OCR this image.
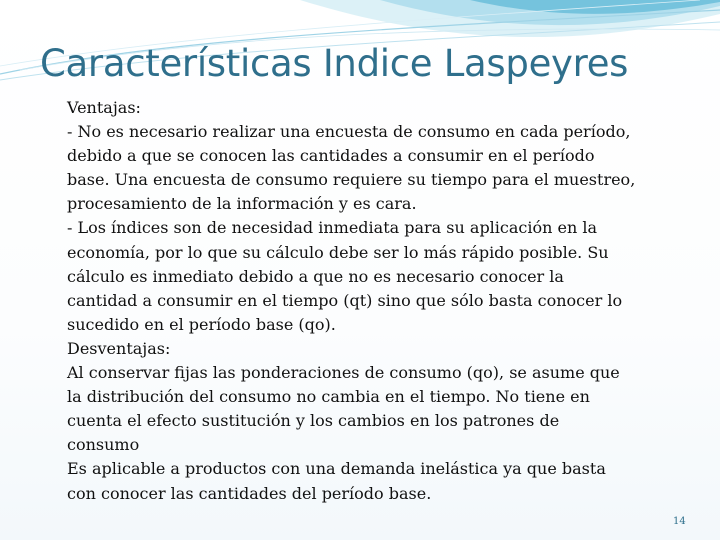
Características Indice Laspeyres
Ventajas:
- No es necesario realizar una encuesta de consumo en cada período,
debido a que se conocen las cantidades a consumir en el período
base. Una encuesta de consumo requiere su tiempo para el muestreo,
procesamiento de la información y es cara.
- Los índices son de necesidad inmediata para su aplicación en la
economía, por lo que su cálculo debe ser lo más rápido posible. Su
cálculo es inmediato debido a que no es necesario conocer la
cantidad a consumir en el tiempo (qt) sino que sólo basta conocer lo
sucedido en el período base (qo).
Desventajas:
Al conservar fijas las ponderaciones de consumo (qo), se asume que
la distribución del consumo no cambia en el tiempo. No tiene en
cuenta el efecto sustitución y los cambios en los patrones de
consumo
Es aplicable a productos con una demanda inelástica ya que basta
con conocer las cantidades del período base.
14
